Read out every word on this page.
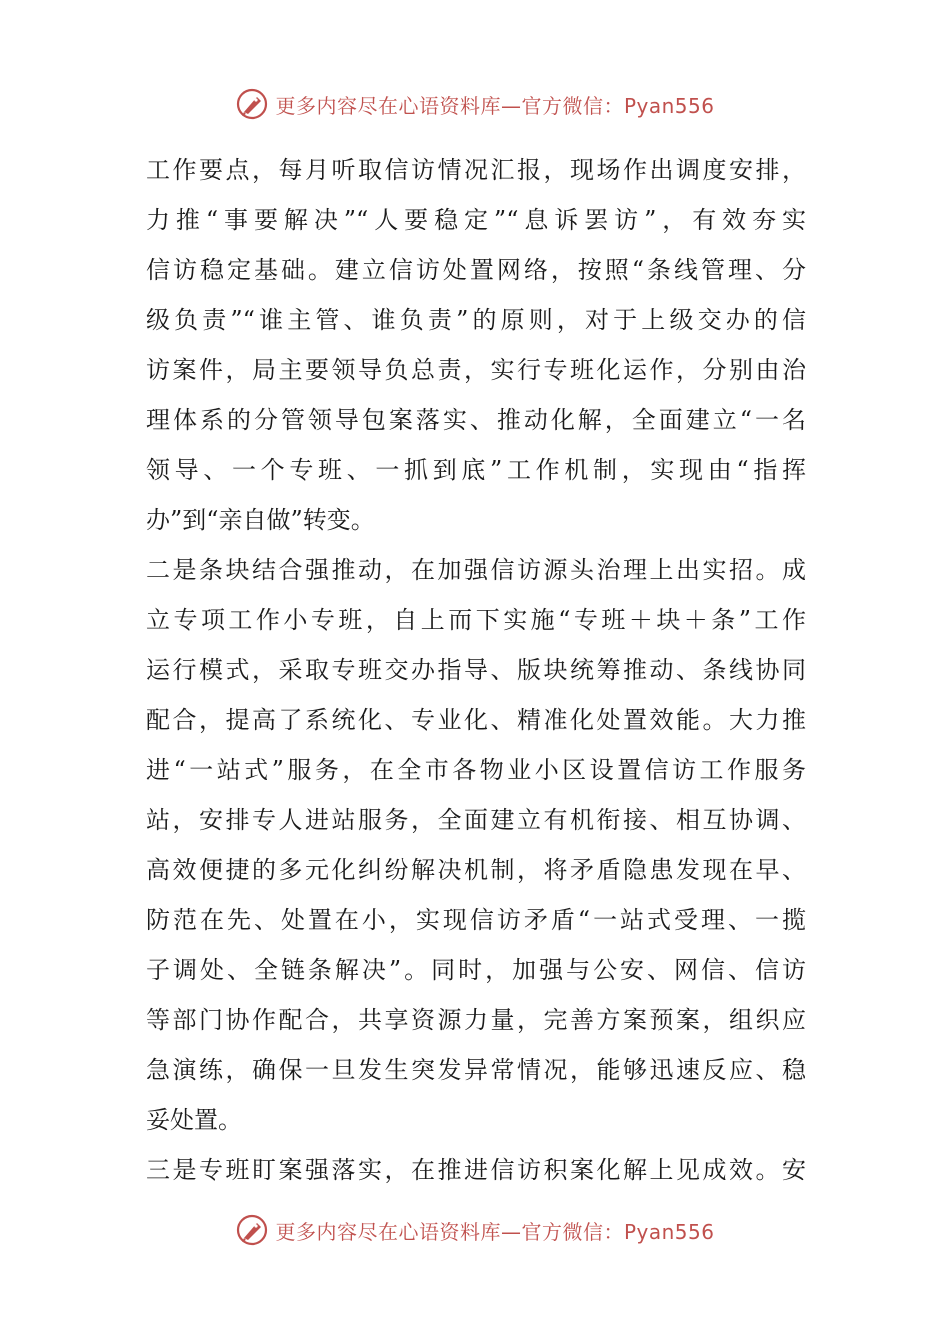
更多内容尽在心语资料库—官方微信：Pyan556
工作要点，每月听取信访情况汇报，现场作出调度安排，
力推“事要解决”“人要稳定”“息诉罢访”，有效夯实
信访稳定基础。建立信访处置网络，按照“条线管理、分
级负责”“谁主管、谁负责”的原则，对于上级交办的信
访案件，局主要领导负总责，实行专班化运作，分别由治
理体系的分管领导包案落实、推动化解，全面建立“一名
领导、一个专班、一抓到底”工作机制，实现由“指挥
办”到“亲自做”转变。
二是条块结合强推动，在加强信访源头治理上出实招。成
立专项工作小专班，自上而下实施“专班＋块＋条”工作
运行模式，采取专班交办指导、版块统筹推动、条线协同
配合，提高了系统化、专业化、精准化处置效能。大力推
进“一站式”服务，在全市各物业小区设置信访工作服务
站，安排专人进站服务，全面建立有机衔接、相互协调、
高效便捷的多元化纠纷解决机制，将矛盾隐患发现在早、
防范在先、处置在小，实现信访矛盾“一站式受理、一揽
子调处、全链条解决”。同时，加强与公安、网信、信访
等部门协作配合，共享资源力量，完善方案预案，组织应
急演练，确保一旦发生突发异常情况，能够迅速反应、稳
妥处置。
三是专班盯案强落实，在推进信访积案化解上见成效。安
更多内容尽在心语资料库—官方微信：Pyan556
